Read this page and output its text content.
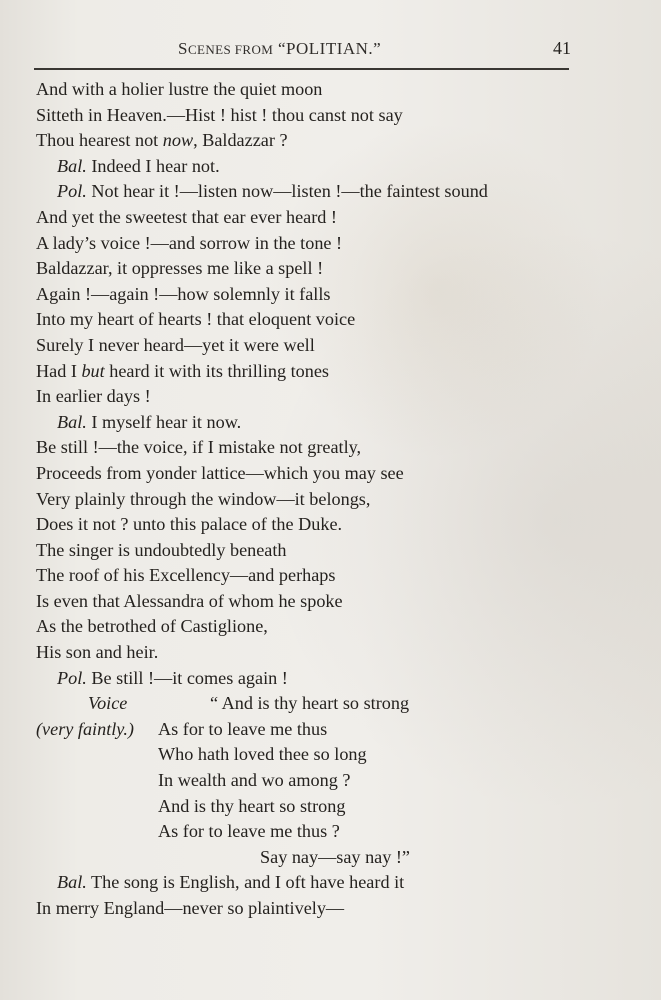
SCENES FROM “POLITIAN.”	41
And with a holier lustre the quiet moon
Sitteth in Heaven.—Hist ! hist ! thou canst not say
Thou hearest not now, Baldazzar ?
Bal. Indeed I hear not.
Pol. Not hear it !—listen now—listen !—the faintest sound
And yet the sweetest that ear ever heard !
A lady’s voice !—and sorrow in the tone !
Baldazzar, it oppresses me like a spell !
Again !—again !—how solemnly it falls
Into my heart of hearts ! that eloquent voice
Surely I never heard—yet it were well
Had I but heard it with its thrilling tones
In earlier days !
Bal. I myself hear it now.
Be still !—the voice, if I mistake not greatly,
Proceeds from yonder lattice—which you may see
Very plainly through the window—it belongs,
Does it not ? unto this palace of the Duke.
The singer is undoubtedly beneath
The roof of his Excellency—and perhaps
Is even that Alessandra of whom he spoke
As the betrothed of Castiglione,
His son and heir.
Pol. Be still !—it comes again !
Voice	“ And is thy heart so strong
(very faintly.)	As for to leave me thus
Who hath loved thee so long
In wealth and wo among ?
And is thy heart so strong
As for to leave me thus ?
Say nay—say nay !”
Bal. The song is English, and I oft have heard it
In merry England—never so plaintively—
